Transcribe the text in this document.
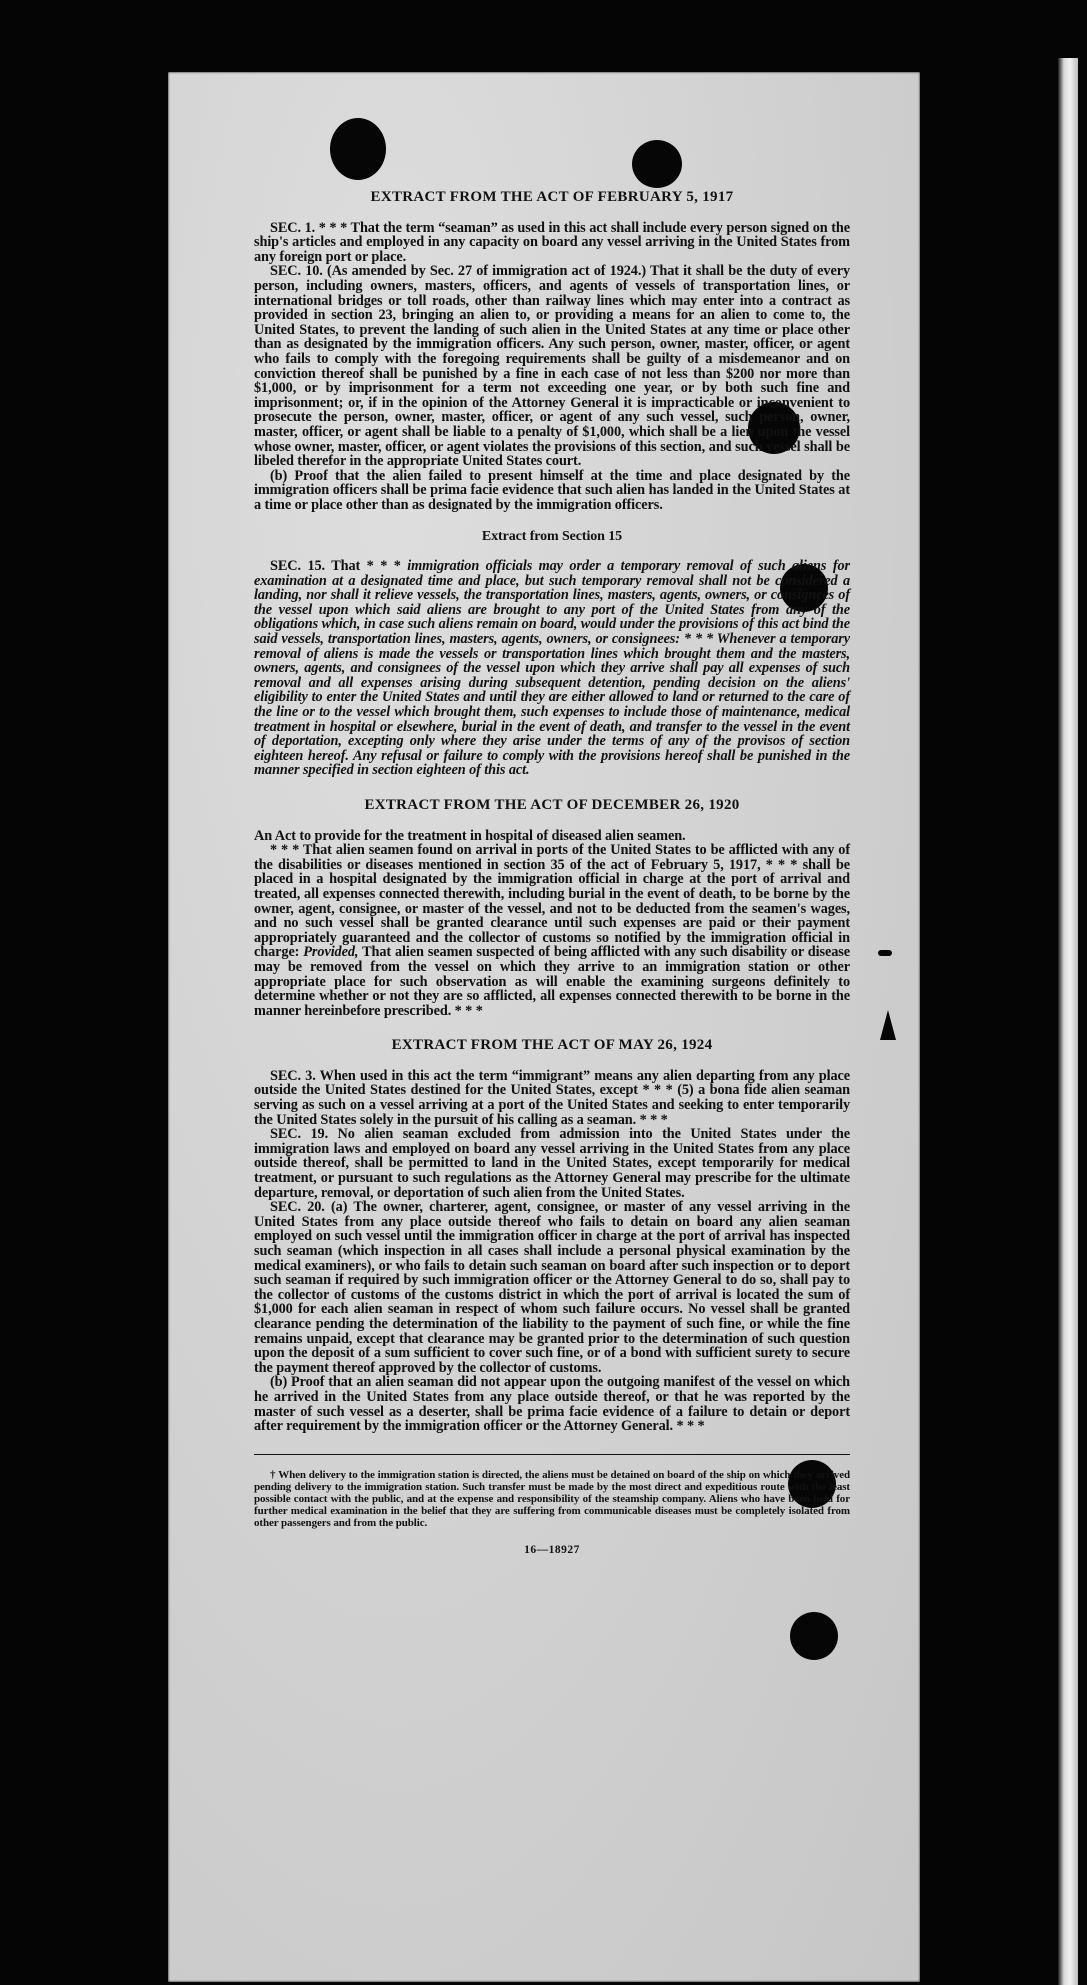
EXTRACT FROM THE ACT OF FEBRUARY 5, 1917

SEC. 1. * * * That the term “seaman” as used in this act shall include every person signed on the ship's articles and employed in any capacity on board any vessel arriving in the United States from any foreign port or place.

SEC. 10. (As amended by Sec. 27 of immigration act of 1924.) That it shall be the duty of every person, including owners, masters, officers, and agents of vessels of transportation lines, or international bridges or toll roads, other than railway lines which may enter into a contract as provided in section 23, bringing an alien to, or providing a means for an alien to come to, the United States, to prevent the landing of such alien in the United States at any time or place other than as designated by the immigration officers. Any such person, owner, master, officer, or agent who fails to comply with the foregoing requirements shall be guilty of a misdemeanor and on conviction thereof shall be punished by a fine in each case of not less than $200 nor more than $1,000, or by imprisonment for a term not exceeding one year, or by both such fine and imprisonment; or, if in the opinion of the Attorney General it is impracticable or inconvenient to prosecute the person, owner, master, officer, or agent of any such vessel, such person, owner, master, officer, or agent shall be liable to a penalty of $1,000, which shall be a lien upon the vessel whose owner, master, officer, or agent violates the provisions of this section, and such vessel shall be libeled therefor in the appropriate United States court.

(b) Proof that the alien failed to present himself at the time and place designated by the immigration officers shall be prima facie evidence that such alien has landed in the United States at a time or place other than as designated by the immigration officers.

Extract from Section 15

SEC. 15. That * * * immigration officials may order a temporary removal of such aliens for examination at a designated time and place, but such temporary removal shall not be considered a landing, nor shall it relieve vessels, the transportation lines, masters, agents, owners, or consignees of the vessel upon which said aliens are brought to any port of the United States from any of the obligations which, in case such aliens remain on board, would under the provisions of this act bind the said vessels, transportation lines, masters, agents, owners, or consignees: * * * Whenever a temporary removal of aliens is made the vessels or transportation lines which brought them and the masters, owners, agents, and consignees of the vessel upon which they arrive shall pay all expenses of such removal and all expenses arising during subsequent detention, pending decision on the aliens' eligibility to enter the United States and until they are either allowed to land or returned to the care of the line or to the vessel which brought them, such expenses to include those of maintenance, medical treatment in hospital or elsewhere, burial in the event of death, and transfer to the vessel in the event of deportation, excepting only where they arise under the terms of any of the provisos of section eighteen hereof. Any refusal or failure to comply with the provisions hereof shall be punished in the manner specified in section eighteen of this act.

EXTRACT FROM THE ACT OF DECEMBER 26, 1920

An Act to provide for the treatment in hospital of diseased alien seamen.

* * * That alien seamen found on arrival in ports of the United States to be afflicted with any of the disabilities or diseases mentioned in section 35 of the act of February 5, 1917, * * * shall be placed in a hospital designated by the immigration official in charge at the port of arrival and treated, all expenses connected therewith, including burial in the event of death, to be borne by the owner, agent, consignee, or master of the vessel, and not to be deducted from the seamen's wages, and no such vessel shall be granted clearance until such expenses are paid or their payment appropriately guaranteed and the collector of customs so notified by the immigration official in charge: Provided, That alien seamen suspected of being afflicted with any such disability or disease may be removed from the vessel on which they arrive to an immigration station or other appropriate place for such observation as will enable the examining surgeons definitely to determine whether or not they are so afflicted, all expenses connected therewith to be borne in the manner hereinbefore prescribed. * * *

EXTRACT FROM THE ACT OF MAY 26, 1924

SEC. 3. When used in this act the term “immigrant” means any alien departing from any place outside the United States destined for the United States, except * * * (5) a bona fide alien seaman serving as such on a vessel arriving at a port of the United States and seeking to enter temporarily the United States solely in the pursuit of his calling as a seaman. * * *

SEC. 19. No alien seaman excluded from admission into the United States under the immigration laws and employed on board any vessel arriving in the United States from any place outside thereof, shall be permitted to land in the United States, except temporarily for medical treatment, or pursuant to such regulations as the Attorney General may prescribe for the ultimate departure, removal, or deportation of such alien from the United States.

SEC. 20. (a) The owner, charterer, agent, consignee, or master of any vessel arriving in the United States from any place outside thereof who fails to detain on board any alien seaman employed on such vessel until the immigration officer in charge at the port of arrival has inspected such seaman (which inspection in all cases shall include a personal physical examination by the medical examiners), or who fails to detain such seaman on board after such inspection or to deport such seaman if required by such immigration officer or the Attorney General to do so, shall pay to the collector of customs of the customs district in which the port of arrival is located the sum of $1,000 for each alien seaman in respect of whom such failure occurs. No vessel shall be granted clearance pending the determination of the liability to the payment of such fine, or while the fine remains unpaid, except that clearance may be granted prior to the determination of such question upon the deposit of a sum sufficient to cover such fine, or of a bond with sufficient surety to secure the payment thereof approved by the collector of customs.

(b) Proof that an alien seaman did not appear upon the outgoing manifest of the vessel on which he arrived in the United States from any place outside thereof, or that he was reported by the master of such vessel as a deserter, shall be prima facie evidence of a failure to detain or deport after requirement by the immigration officer or the Attorney General. * * *

† When delivery to the immigration station is directed, the aliens must be detained on board of the ship on which they arrived pending delivery to the immigration station. Such transfer must be made by the most direct and expeditious route with the least possible contact with the public, and at the expense and responsibility of the steamship company. Aliens who have been held for further medical examination in the belief that they are suffering from communicable diseases must be completely isolated from other passengers and from the public.

16—18927
